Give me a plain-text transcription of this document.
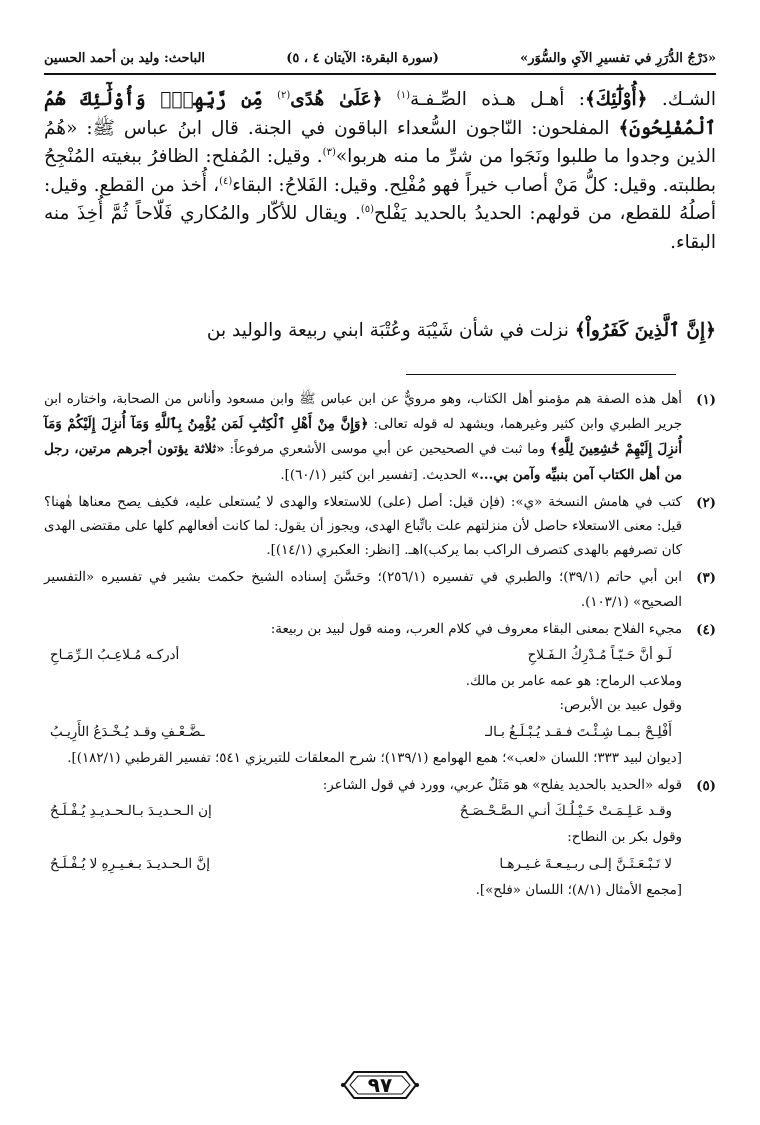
«دَرْجُ الدُّرَرِ في تفسيرِ الآيِ والسُّوَر»
(سورة البقرة: الآيتان ٤ ، ٥)
الباحث: وليد بن أحمد الحسين

الشـك. ﴿أُوْلَٰٓئِكَ﴾: أهـل هـذه الصِّـفـة$^{(١)}$ ﴿عَلَىٰ هُدًى$^{(٢)}$ مِّن رَّبِّهِمْۖ وَأُوْلَٰٓئِكَ هُمُ ٱلْمُفْلِحُونَ﴾ المفلحون: النّاجون السُّعداء الباقون في الجنة. قال ابنُ عباس ﷺ: «هُمُ الذين وجدوا ما طلبوا ونَجَوا من شرِّ ما منه هربوا»$^{(٣)}$. وقيل: المُفلح: الظافرُ ببغيته المُنْجِحُ بطلبته. وقيل: كلُّ مَنْ أصاب خيراً فهو مُفْلِح. وقيل: الفَلاحُ: البقاء$^{(٤)}$، أُخذ من القطع. وقيل: أصلُهُ للقطع، من قولهم: الحديدُ بالحديد يَفْلح$^{(٥)}$. ويقال للأكّار والمُكاري فَلّاحاً ثُمَّ أُخِذَ منه البقاء.

﴿إِنَّ ٱلَّذِينَ كَفَرُواْ﴾ نزلت في شأن شَيْبَة وعُتْبَة ابني ربيعة والوليد بن
(١)
أهل هذه الصفة هم مؤمنو أهل الكتاب، وهو مرويٌّ عن ابن عباس ﷺ وابن مسعود وأناس من الصحابة، واختاره ابن جرير الطبري وابن كثير وغيرهما، ويشهد له قوله تعالى: ﴿وَإِنَّ مِنْ أَهْلِ ٱلْكِتَٰبِ لَمَن يُؤْمِنُ بِٱللَّهِ وَمَآ أُنزِلَ إِلَيْكُمْ وَمَآ أُنزِلَ إِلَيْهِمْ خَٰشِعِينَ لِلَّهِ﴾ وما ثبت في الصحيحين عن أبي موسى الأشعري مرفوعاً: «ثلاثة يؤتون أجرهم مرتين، رجل من أهل الكتاب آمن بنبيِّه وآمن بي...» الحديث. [تفسير ابن كثير (٦٠/١)].
(٢)
كتب في هامش النسخة «ي»: (فإن قيل: أصل (على) للاستعلاء والهدى لا يُستعلى عليه، فكيف يصح معناها هٰهنا؟ قيل: معنى الاستعلاء حاصل لأن منزلتهم علت باتِّباع الهدى، ويجوز أن يقول: لما كانت أفعالهم كلها على مقتضى الهدى كان تصرفهم بالهدى كتصرف الراكب بما يركب)اهـ. [انظر: العكبري (١٤/١)].
(٣)
ابن أبي حاتم (٣٩/١)؛ والطبري في تفسيره (٢٥٦/١)؛ وحَسَّنَ إسناده الشيخ حكمت بشير في تفسيره «التفسير الصحيح» (١٠٣/١).
(٤)
مجيء الفلاح بمعنى البقاء معروف في كلام العرب، ومنه قول لبيد بن ربيعة:
لَـو أنَّ حَـيّـاً مُـدْرِكُ الـفَـلاحِ
أدركـه مُـلاعِـبُ الـرِّمَـاحِ
وملاعب الرماح: هو عمه عامر بن مالك.
وقول عبيد بن الأبرص:
أَفْلِـحْ بـمـا شِـئْـتَ فـقـد يُـبْـلَـغُ بـالـ
ـضَّـعْـفِ وقـد يُـخْـدَعُ الأَرِيـبُ
[ديوان لبيد ٣٣٣؛ اللسان «لعب»؛ همع الهوامع (١٣٩/١)؛ شرح المعلقات للتبريزي ٥٤١؛ تفسير القرطبي (١٨٢/١)].
(٥)
قوله «الحديد بالحديد يفلح» هو مَثَلٌ عربي، وورد في قول الشاعر:
وقـد عَـلِـمَـتْ خَـيْـلُـكَ أنـي الـصَّـحْـصَـحُ
إن الـحـديـدَ بـالـحـديـدِ يُـفْـلَـحُ
وقول بكر بن النطاح:
لا تَـبْـعَـثَـنَّ إلـى ربـيـعـةَ غـيـرهـا
إنَّ الـحـديـدَ بـغـيـرِهِ لا يُـفْـلَـحُ
[مجمع الأمثال (٨/١)؛ اللسان «فلح»].
٩٧
